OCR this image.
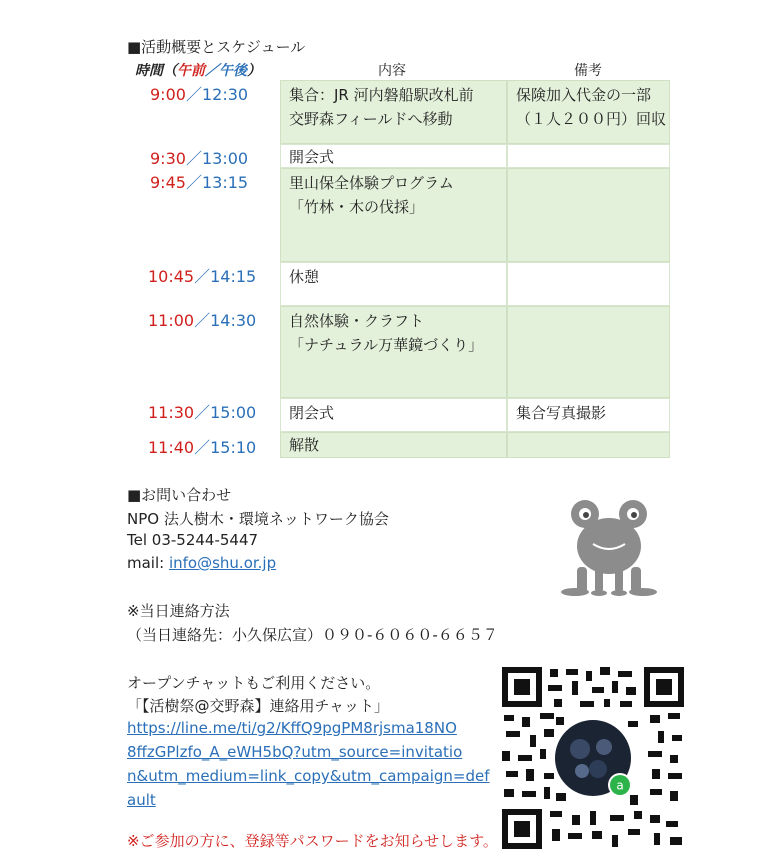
■活動概要とスケジュール
時間（午前／午後）	内容	備考
9:00／12:30
9:30／13:00
9:45／13:15
10:45／14:15
11:00／14:30
11:30／15:00
11:40／15:10
集合：JR 河内磐船駅改札前
交野森フィールドへ移動
開会式
里山保全体験プログラム
「竹林・木の伐採」
休憩
自然体験・クラフト
「ナチュラル万華鏡づくり」
閉会式
解散
保険加入代金の一部
（１人２００円）回収
集合写真撮影
■お問い合わせ
NPO 法人樹木・環境ネットワーク協会
Tel 03-5244-5447
mail: info@shu.or.jp
※当日連絡方法
（当日連絡先：小久保広宣）０９０-６０６０-６６５７
オープンチャットもご利用ください。
「【活樹祭@交野森】連絡用チャット」
https://line.me/ti/g2/KffQ9pgPM8rjsma18NO
8ffzGPlzfo_A_eWH5bQ?utm_source=invitatio
n&utm_medium=link_copy&utm_campaign=def
ault
※ご参加の方に、登録等パスワードをお知らせします。
a
